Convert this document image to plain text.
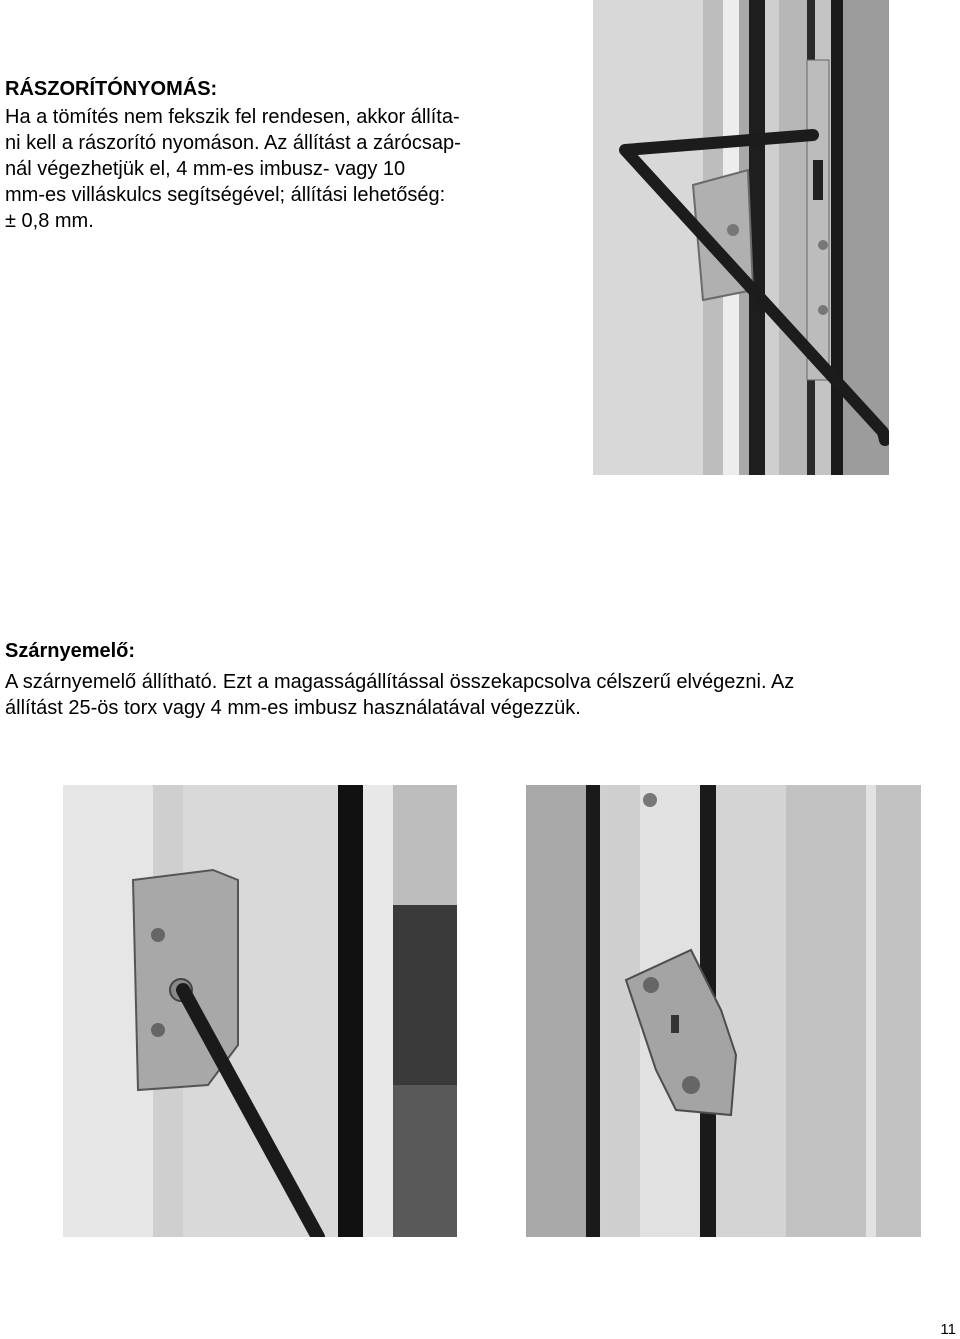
RÁSZORÍTÓNYOMÁS:
Ha a tömítés nem fekszik fel rendesen, akkor állíta-
ni kell a rászorító nyomáson. Az állítást a zárócsap-
nál végezhetjük el, 4 mm-es imbusz- vagy 10
mm-es villáskulcs segítségével; állítási lehetőség:
± 0,8 mm.
Szárnyemelő:
A szárnyemelő állítható. Ezt a magasságállítással összekapcsolva célszerű elvégezni. Az
állítást 25-ös torx vagy 4 mm-es imbusz használatával végezzük.
11
